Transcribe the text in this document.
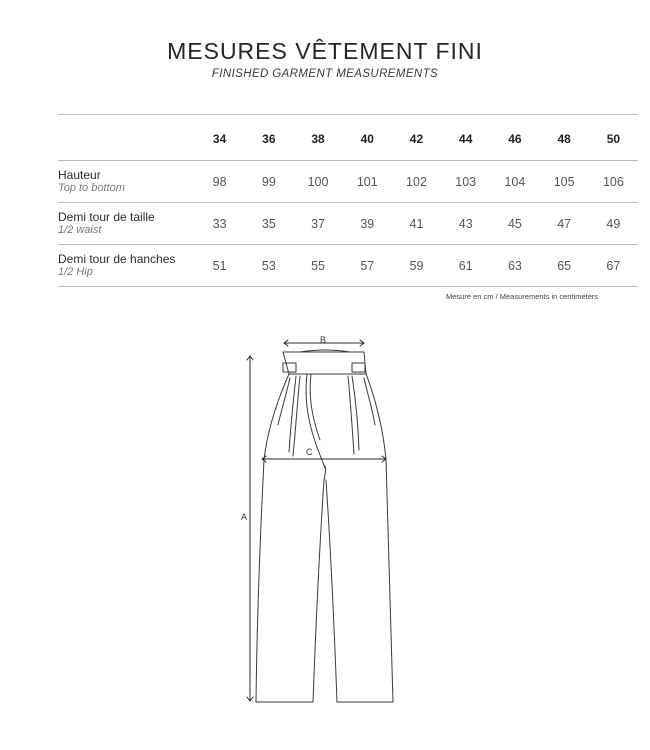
MESURES VÊTEMENT FINI
FINISHED GARMENT MEASUREMENTS
	34	36	38	40	42	44	46	48	50

Hauteur
Top to bottom	98	99	100	101	102	103	104	105	106

Demi tour de taille
1/2 waist	33	35	37	39	41	43	45	47	49

Demi tour de hanches
1/2 Hip	51	53	55	57	59	61	63	65	67
Mesure en cm / Measurements in centimeters
B
C
A
